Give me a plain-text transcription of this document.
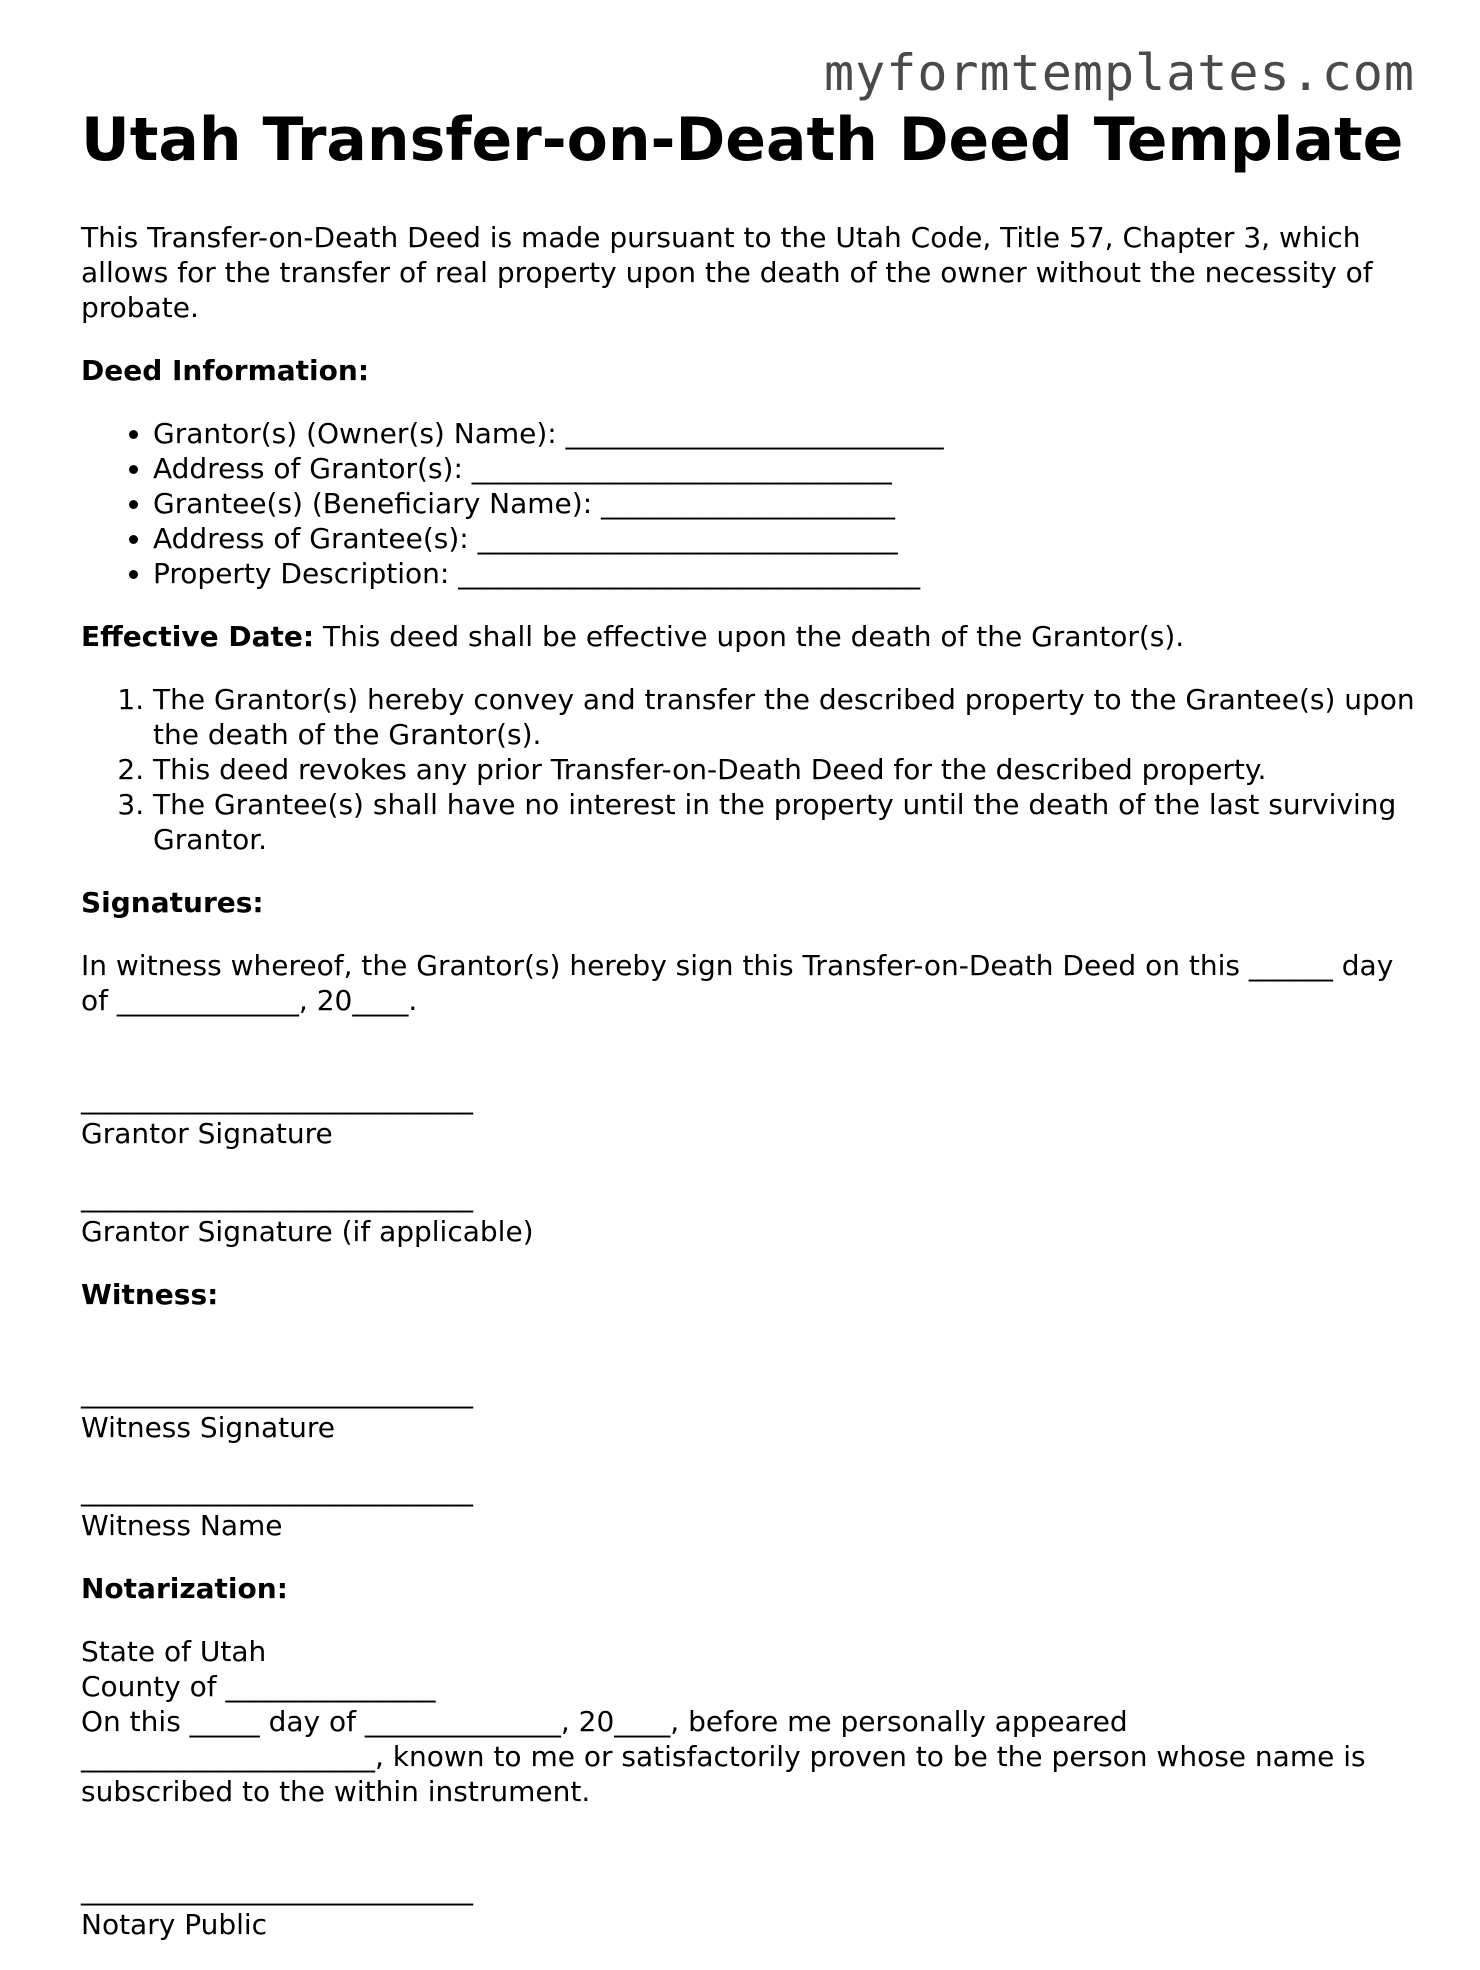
myformtemplates.com
Utah Transfer-on-Death Deed Template

This Transfer-on-Death Deed is made pursuant to the Utah Code, Title 57, Chapter 3, which allows for the transfer of real property upon the death of the owner without the necessity of probate.

Deed Information:
• Grantor(s) (Owner(s) Name): ___________________________
• Address of Grantor(s): ______________________________
• Grantee(s) (Beneficiary Name): _____________________
• Address of Grantee(s): ______________________________
• Property Description: _________________________________

Effective Date: This deed shall be effective upon the death of the Grantor(s).

1. The Grantor(s) hereby convey and transfer the described property to the Grantee(s) upon the death of the Grantor(s).
2. This deed revokes any prior Transfer-on-Death Deed for the described property.
3. The Grantee(s) shall have no interest in the property until the death of the last surviving Grantor.
Signatures:

In witness whereof, the Grantor(s) hereby sign this Transfer-on-Death Deed on this ______ day of _____________, 20____.

____________________________
Grantor Signature
____________________________
Grantor Signature (if applicable)
Witness:
____________________________
Witness Signature
____________________________
Witness Name
Notarization:
State of Utah
County of _______________
On this _____ day of ______________, 20____, before me personally appeared
_____________________, known to me or satisfactorily proven to be the person whose name is subscribed to the within instrument.
____________________________
Notary Public
